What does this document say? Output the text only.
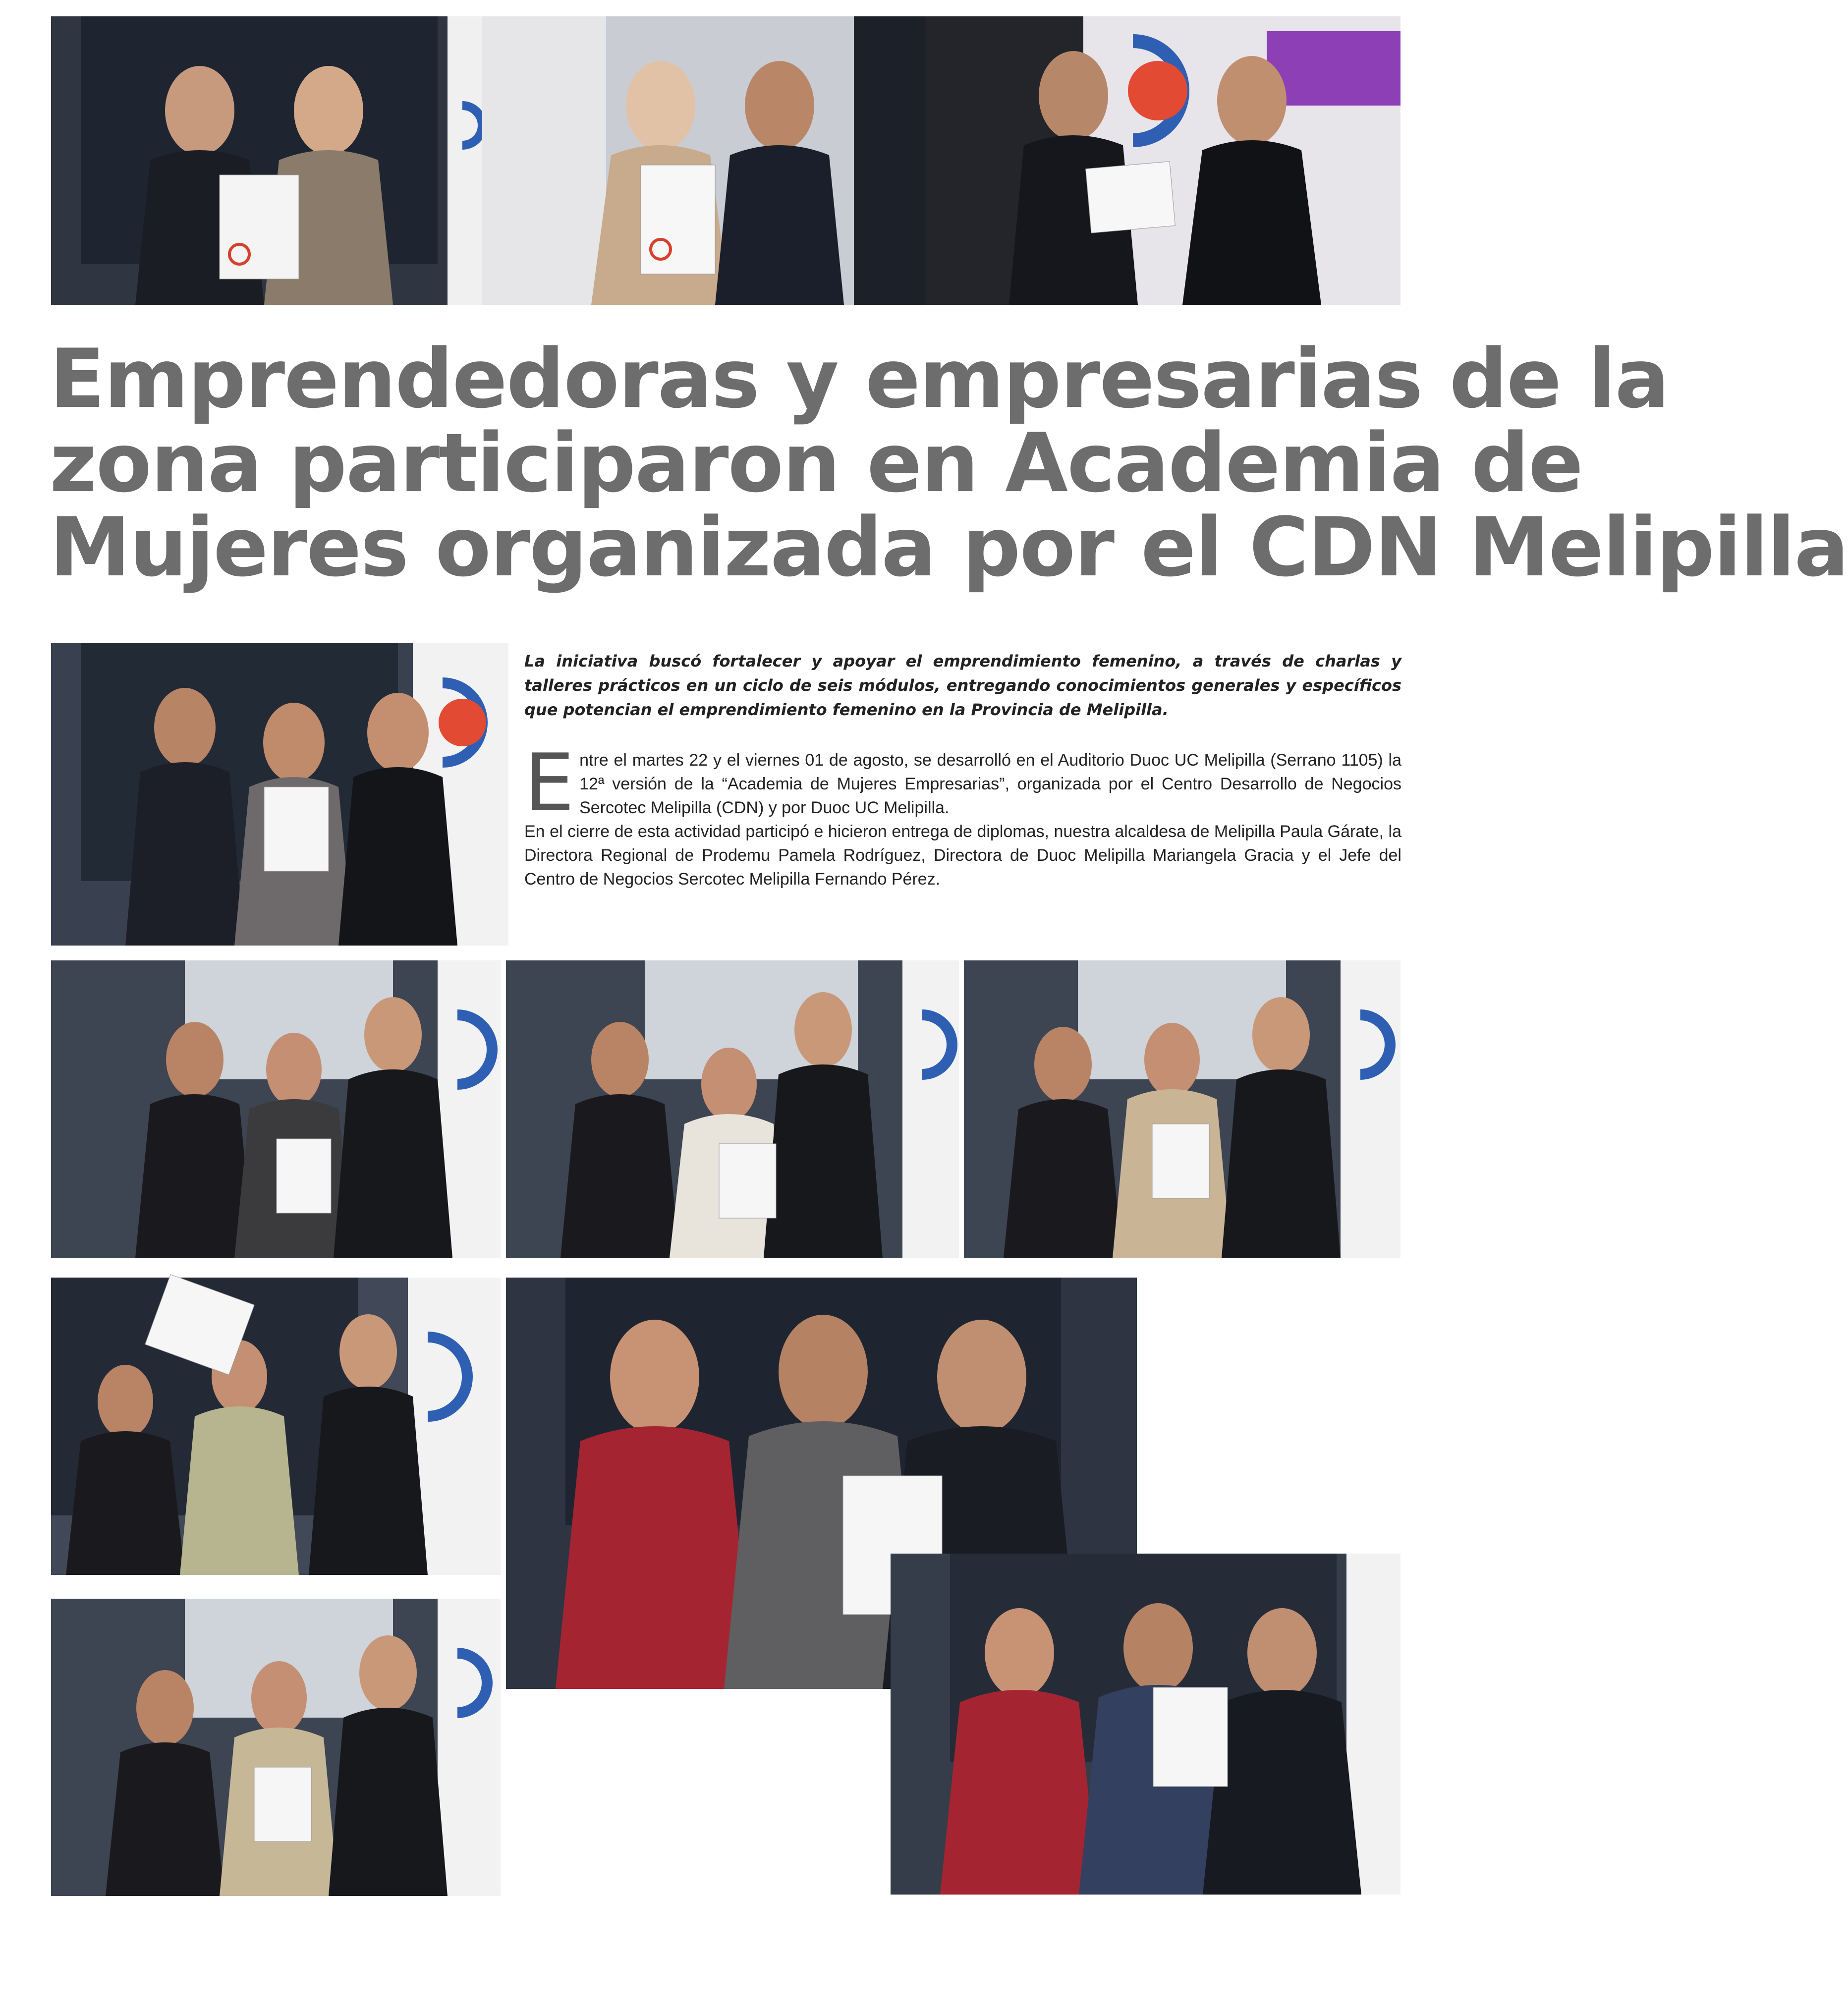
Emprendedoras y empresarias de la
zona participaron en Academia de
Mujeres organizada por el CDN Melipilla
La iniciativa buscó fortalecer y apoyar el emprendimiento femenino, a través de charlas y talleres prácticos en un ciclo de seis módulos, entregando conocimientos generales y específicos que potencian el emprendimiento femenino en la Provincia de Melipilla.
E ntre el martes 22 y el viernes 01 de agosto, se desarrolló en el Auditorio Duoc UC Melipilla (Serrano 1105) la 12ª versión de la “Academia de Mujeres Empresarias”, organizada por el Centro Desarrollo de Negocios Sercotec Melipilla (CDN) y por Duoc UC Melipilla.

En el cierre de esta actividad participó e hicieron entrega de diplomas, nuestra alcaldesa de Melipilla Paula Gárate, la Directora Regional de Prodemu Pamela Rodríguez, Directora de Duoc Melipilla Mariangela Gracia y el Jefe del Centro de Negocios Sercotec Melipilla Fernando Pérez.
